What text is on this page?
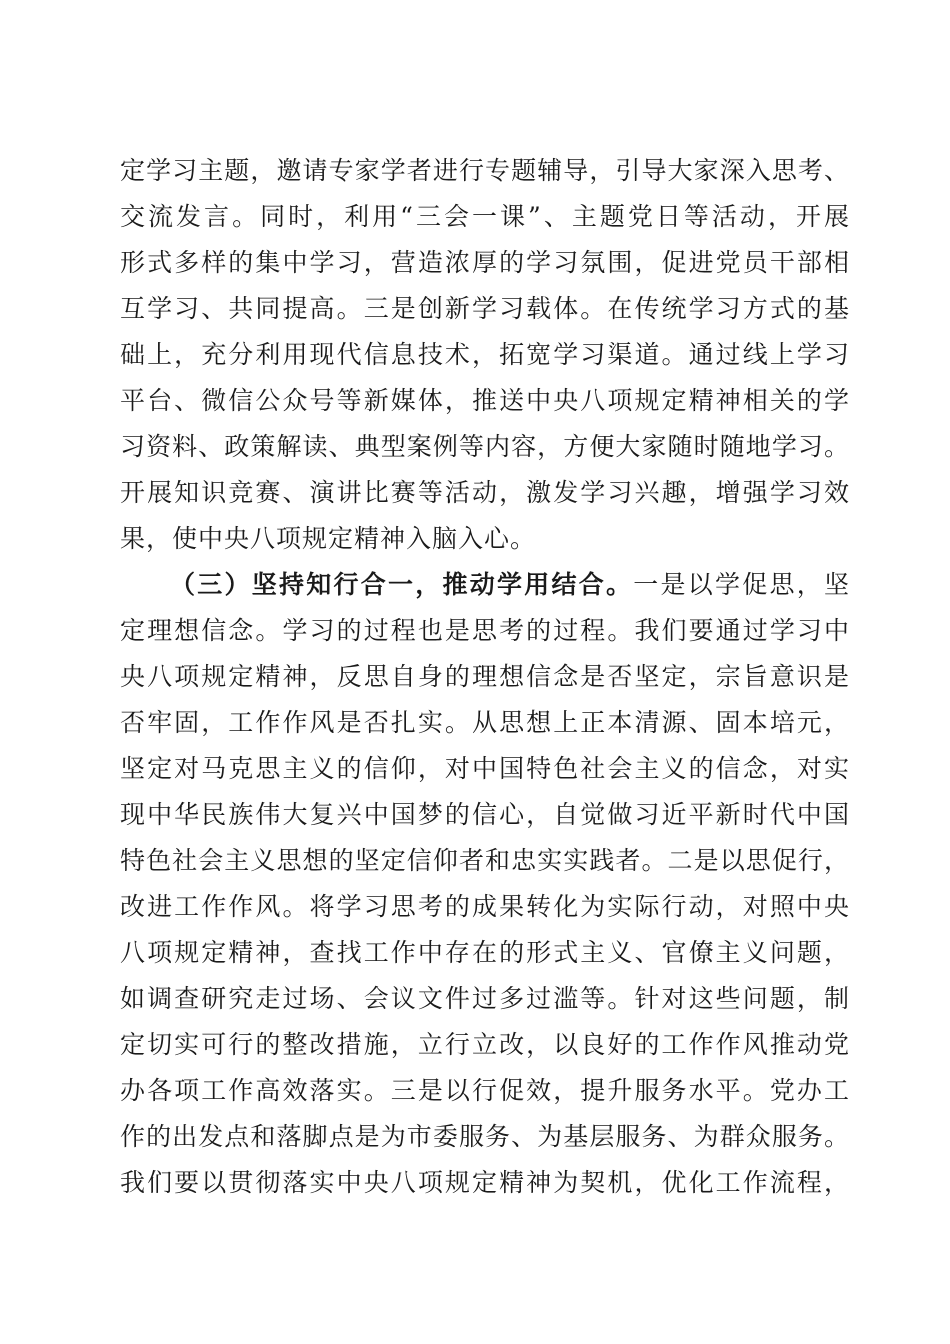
定学习主题，邀请专家学者进行专题辅导，引导大家深入思考、
交流发言。同时，利用“三会一课”、主题党日等活动，开展
形式多样的集中学习，营造浓厚的学习氛围，促进党员干部相
互学习、共同提高。三是创新学习载体。在传统学习方式的基
础上，充分利用现代信息技术，拓宽学习渠道。通过线上学习
平台、微信公众号等新媒体，推送中央八项规定精神相关的学
习资料、政策解读、典型案例等内容，方便大家随时随地学习。
开展知识竞赛、演讲比赛等活动，激发学习兴趣，增强学习效
果，使中央八项规定精神入脑入心。
（三）坚持知行合一，推动学用结合。一是以学促思，坚
定理想信念。学习的过程也是思考的过程。我们要通过学习中
央八项规定精神，反思自身的理想信念是否坚定，宗旨意识是
否牢固，工作作风是否扎实。从思想上正本清源、固本培元，
坚定对马克思主义的信仰，对中国特色社会主义的信念，对实
现中华民族伟大复兴中国梦的信心，自觉做习近平新时代中国
特色社会主义思想的坚定信仰者和忠实实践者。二是以思促行，
改进工作作风。将学习思考的成果转化为实际行动，对照中央
八项规定精神，查找工作中存在的形式主义、官僚主义问题，
如调查研究走过场、会议文件过多过滥等。针对这些问题，制
定切实可行的整改措施，立行立改，以良好的工作作风推动党
办各项工作高效落实。三是以行促效，提升服务水平。党办工
作的出发点和落脚点是为市委服务、为基层服务、为群众服务。
我们要以贯彻落实中央八项规定精神为契机，优化工作流程，
